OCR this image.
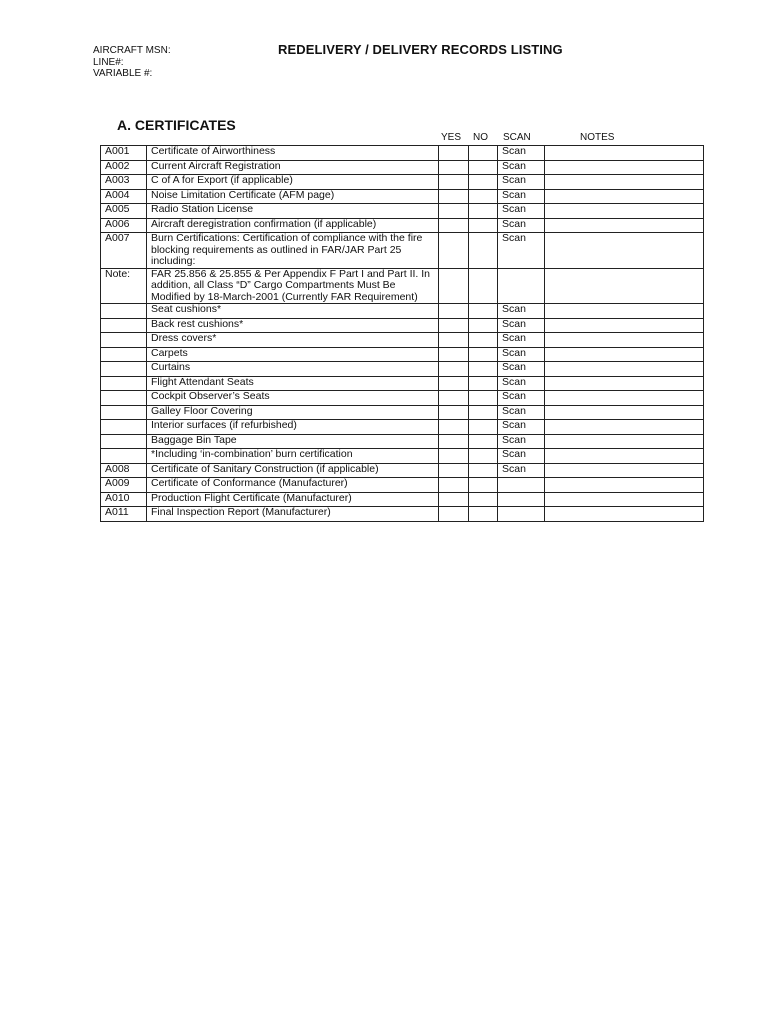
AIRCRAFT MSN:
LINE#:
VARIABLE #:
REDELIVERY / DELIVERY RECORDS LISTING
A. CERTIFICATES
YES NO SCAN	NOTES
A001	Certificate of Airworthiness			Scan	
A002	Current Aircraft Registration			Scan	
A003	C of A for Export (if applicable)			Scan	
A004	Noise Limitation Certificate (AFM page)			Scan	
A005	Radio Station License			Scan	
A006	Aircraft deregistration confirmation (if applicable)			Scan	
A007	Burn Certifications: Certification of compliance with the fire blocking requirements as outlined in FAR/JAR Part 25 including:			Scan	
Note:	FAR 25.856 & 25.855 & Per Appendix F Part I and Part II. In addition, all Class “D” Cargo Compartments Must Be Modified by 18-March-2001 (Currently FAR Requirement)				
	Seat cushions*			Scan	
	Back rest cushions*			Scan	
	Dress covers*			Scan	
	Carpets			Scan	
	Curtains			Scan	
	Flight Attendant Seats			Scan	
	Cockpit Observer’s Seats			Scan	
	Galley Floor Covering			Scan	
	Interior surfaces (if refurbished)			Scan	
	Baggage Bin Tape			Scan	
	*Including ‘in-combination’ burn certification			Scan	
A008	Certificate of Sanitary Construction (if applicable)			Scan	
A009	Certificate of Conformance (Manufacturer)				
A010	Production Flight Certificate (Manufacturer)				
A011	Final Inspection Report (Manufacturer)				
